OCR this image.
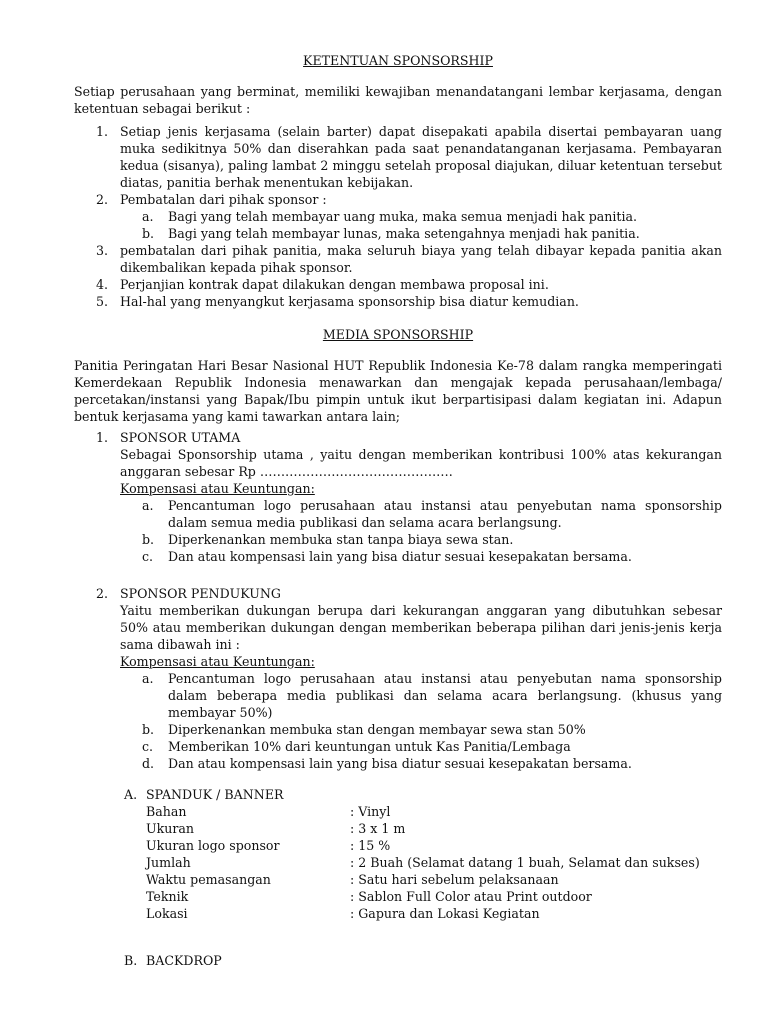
KETENTUAN SPONSORSHIP

Setiap perusahaan yang berminat, memiliki kewajiban menandatangani lembar kerjasama, dengan ketentuan sebagai berikut :

1. Setiap jenis kerjasama (selain barter) dapat disepakati apabila disertai pembayaran uang muka sedikitnya 50% dan diserahkan pada saat penandatanganan kerjasama. Pembayaran kedua (sisanya), paling lambat 2 minggu setelah proposal diajukan, diluar ketentuan tersebut diatas, panitia berhak menentukan kebijakan.
2. Pembatalan dari pihak sponsor :
a. Bagi yang telah membayar uang muka, maka semua menjadi hak panitia.
b. Bagi yang telah membayar lunas, maka setengahnya menjadi hak panitia.
3. pembatalan dari pihak panitia, maka seluruh biaya yang telah dibayar kepada panitia akan dikembalikan kepada pihak sponsor.
4. Perjanjian kontrak dapat dilakukan dengan membawa proposal ini.
5. Hal-hal yang menyangkut kerjasama sponsorship bisa diatur kemudian.
MEDIA SPONSORSHIP

Panitia Peringatan Hari Besar Nasional HUT Republik Indonesia Ke-78 dalam rangka memperingati Kemerdekaan Republik Indonesia menawarkan dan mengajak kepada perusahaan/lembaga/ percetakan/instansi yang Bapak/Ibu pimpin untuk ikut berpartisipasi dalam kegiatan ini. Adapun bentuk kerjasama yang kami tawarkan antara lain;

1. SPONSOR UTAMA
Sebagai Sponsorship utama , yaitu dengan memberikan kontribusi 100% atas kekurangan anggaran sebesar Rp ……………………………………….
Kompensasi atau Keuntungan:
a. Pencantuman logo perusahaan atau instansi atau penyebutan nama sponsorship dalam semua media publikasi dan selama acara berlangsung.
b. Diperkenankan membuka stan tanpa biaya sewa stan.
c. Dan atau kompensasi lain yang bisa diatur sesuai kesepakatan bersama.
2. SPONSOR PENDUKUNG
Yaitu memberikan dukungan berupa dari kekurangan anggaran yang dibutuhkan sebesar 50% atau memberikan dukungan dengan memberikan beberapa pilihan dari jenis-jenis kerja sama dibawah ini :
Kompensasi atau Keuntungan:
a. Pencantuman logo perusahaan atau instansi atau penyebutan nama sponsorship dalam beberapa media publikasi dan selama acara berlangsung. (khusus yang membayar 50%)
b. Diperkenankan membuka stan dengan membayar sewa stan 50%
c. Memberikan 10% dari keuntungan untuk Kas Panitia/Lembaga
d. Dan atau kompensasi lain yang bisa diatur sesuai kesepakatan bersama.
A. SPANDUK / BANNER
Bahan	: Vinyl
Ukuran	: 3 x 1 m
Ukuran logo sponsor	: 15 %
Jumlah	: 2 Buah (Selamat datang 1 buah, Selamat dan sukses)
Waktu pemasangan	: Satu hari sebelum pelaksanaan
Teknik	: Sablon Full Color atau Print outdoor
Lokasi	: Gapura dan Lokasi Kegiatan
B. BACKDROP
